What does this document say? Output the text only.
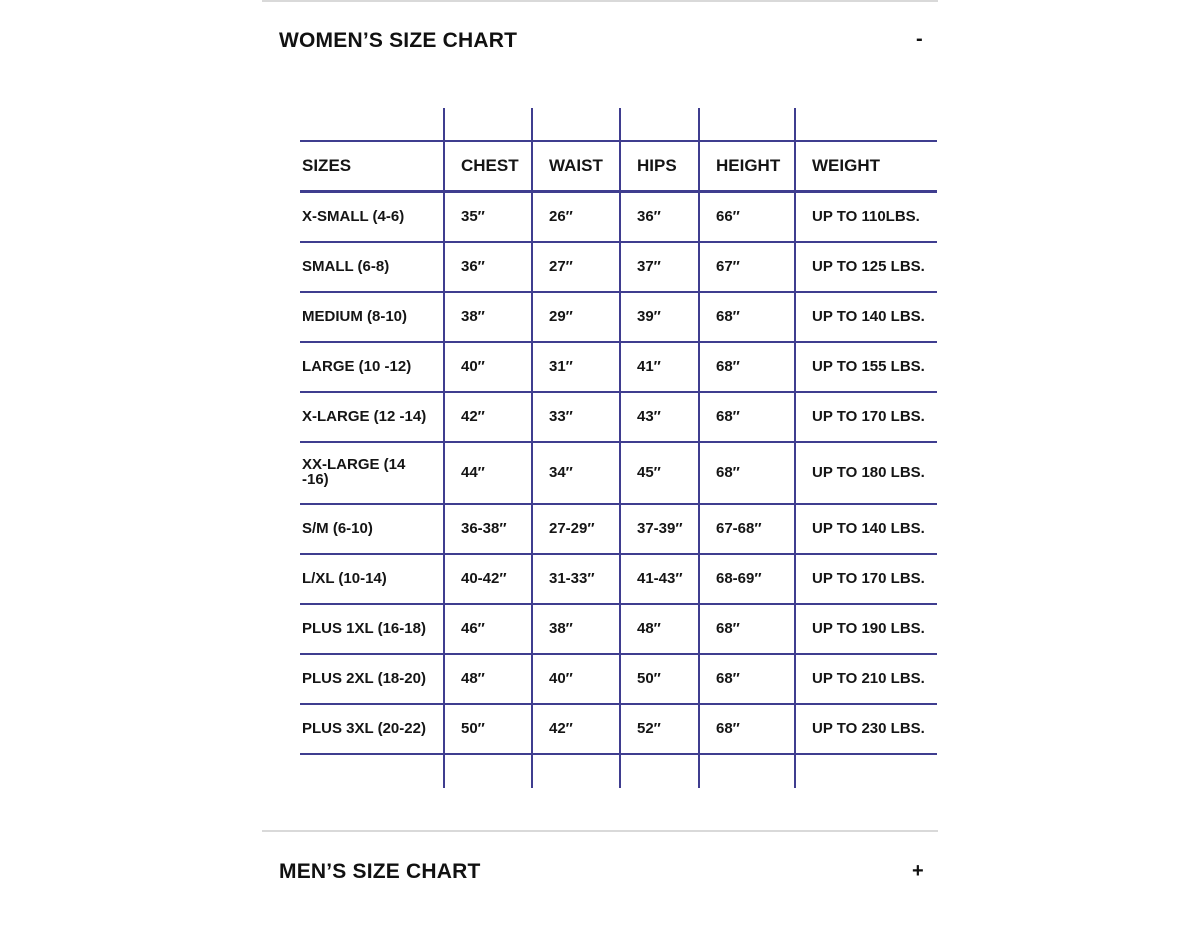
WOMEN’S SIZE CHART	-
SIZES	CHEST WAIST HIPS HEIGHT WEIGHT
X-SMALL (4-6)	35″	26″	36″	66″	UP TO 110LBS.
SMALL (6-8)	36″	27″	37″	67″	UP TO 125 LBS.
MEDIUM (8-10)	38″	29″	39″	68″	UP TO 140 LBS.
LARGE (10 -12)	40″	31″	41″	68″	UP TO 155 LBS.
X-LARGE (12 -14) 42″	33″	43″	68″	UP TO 170 LBS.
XX-LARGE (14 -16)	44″	34″	45″	68″	UP TO 180 LBS.
S/M (6-10)	36-38″	27-29″	37-39″ 67-68″	UP TO 140 LBS.
L/XL (10-14)	40-42″	31-33″	41-43″ 68-69″	UP TO 170 LBS.
PLUS 1XL (16-18) 46″	38″	48″	68″	UP TO 190 LBS.
PLUS 2XL (18-20) 48″	40″	50″	68″	UP TO 210 LBS.
PLUS 3XL (20-22) 50″	42″	52″	68″	UP TO 230 LBS.
MEN’S SIZE CHART	+
